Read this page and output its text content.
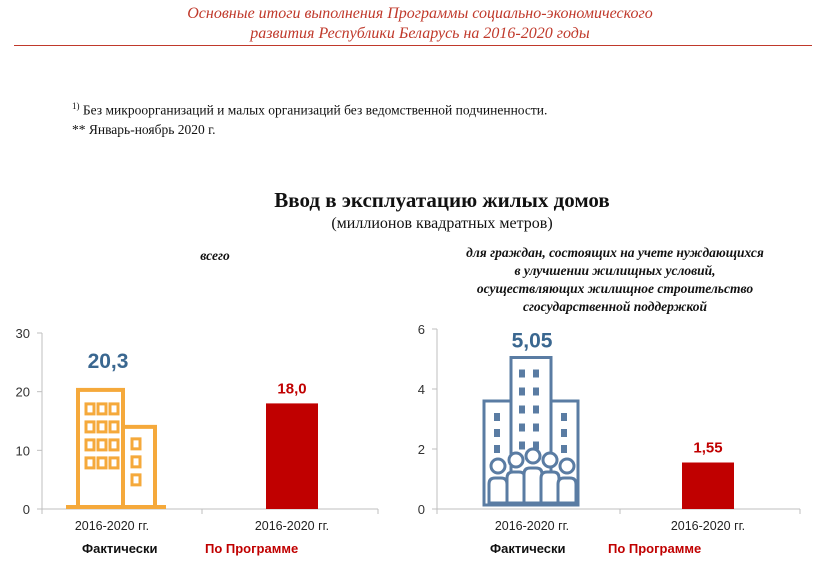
Основные итоги выполнения Программы социально-экономического
развития Республики Беларусь на 2016-2020 годы
$^{1)}$ Без микроорганизаций и малых организаций без ведомственной подчиненности.
** Январь-ноябрь 2020 г.
Ввод в эксплуатацию жилых домов
(миллионов квадратных метров)
всего	для граждан, состоящих на учете нуждающихся
в улучшении жилищных условий,
осуществляющих жилищное строительство
сгосударственной поддержкой
0
10
20
30
2016-2020 гг.	2016-2020 гг.
20,3
18,0
0
2
4
6
2016-2020 гг.	2016-2020 гг.
5,05
1,55
Фактически	По Программе	Фактически	По Программе
